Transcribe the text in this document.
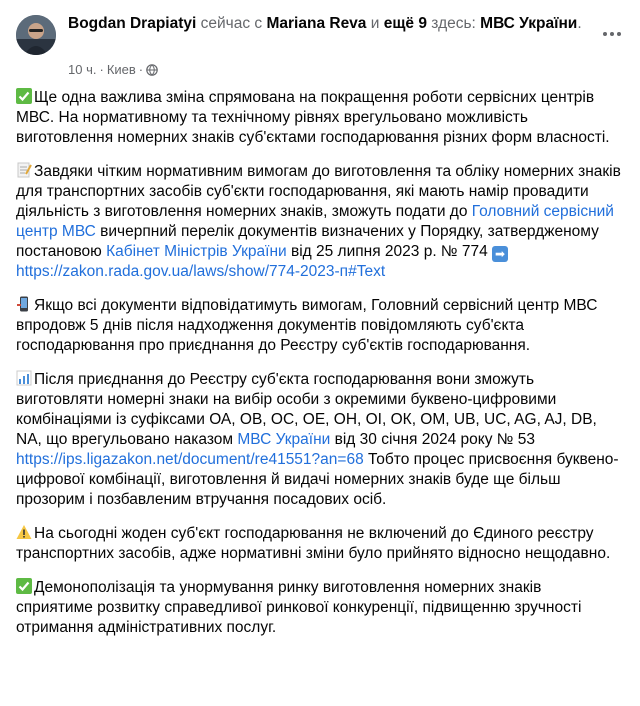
Bogdan Drapiatyi сейчас с Mariana Reva и ещё 9 здесь: МВС України.
10 ч. · Киев ·

Ще одна важлива зміна спрямована на покращення роботи сервісних центрів МВС. На нормативному та технічному рівнях врегульовано можливість виготовлення номерних знаків суб'єктами господарювання різних форм власності.

Завдяки чітким нормативним вимогам до виготовлення та обліку номерних знаків для транспортних засобів суб'єкти господарювання, які мають намір провадити діяльність з виготовлення номерних знаків, зможуть подати до Головний сервісний центр МВС вичерпний перелік документів визначених у Порядку, затвердженому постановою Кабінет Міністрів України від 25 липня 2023 р. № 774 ➡ https://zakon.rada.gov.ua/laws/show/774-2023-п#Text

Якщо всі документи відповідатимуть вимогам, Головний сервісний центр МВС впродовж 5 днів після надходження документів повідомляють суб'єкта господарювання про приєднання до Реєстру суб'єктів господарювання.

Після приєднання до Реєстру суб'єкта господарювання вони зможуть виготовляти номерні знаки на вибір особи з окремими буквено-цифровими комбінаціями із суфіксами ОА, ОВ, ОС, ОЕ, ОН, ОІ, ОК, ОМ, UB, UC, AG, AJ, DB, NA, що врегульовано наказом МВС України від 30 січня 2024 року № 53 https://ips.ligazakon.net/document/re41551?an=68 Тобто процес присвоєння буквено-цифрової комбінації, виготовлення й видачі номерних знаків буде ще більш прозорим і позбавленим втручання посадових осіб.

На сьогодні жоден суб'єкт господарювання не включений до Єдиного реєстру транспортних засобів, адже нормативні зміни було прийнято відносно нещодавно.

Демонополізація та унормування ринку виготовлення номерних знаків сприятиме розвитку справедливої ринкової конкуренції, підвищенню зручності отримання адміністративних послуг.
